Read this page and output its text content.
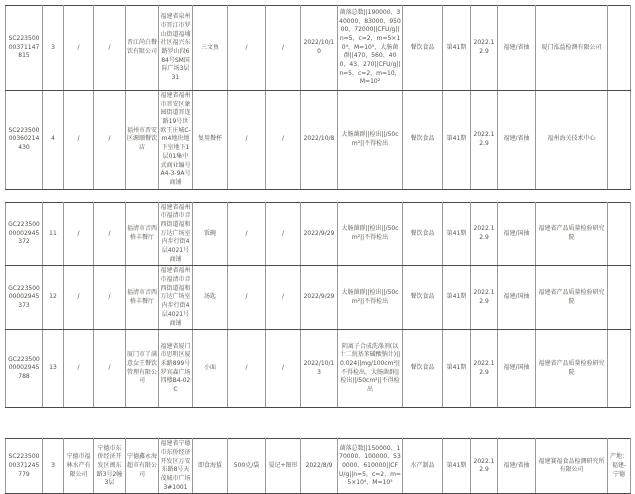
SC22350000371147815	3	/	/	晋江尚白餐饮有限公司	福建省泉州市晋江市罗山街道福埔社区福兴东路罗山段684号SM国际广场3层31	三文鱼	/	/	2022/10/10	菌落总数||190000、340000、83000、95000、72000||CFU/g||n=5，c=2，m=5×10⁴，M=10⁵，大肠菌群||470、560、400、43、270||CFU/g||n=5，c=2，m=10，M=10²	餐饮食品	第41期	2022.12.9	福建/省抽	厦门泓益检测有限公司	
SC22350000360214430	4	/	/	福州市晋安区源顺餐饮店	福建省福州市晋安区象园街道晋连路19号世欧王庄城C-m4地块地下室地下1层01集中式商业编号A4-3-9A号商铺	复用餐杯	/	/	2022/10/8	大肠菌群||检出||/50cm²||不得检出	餐饮食品	第41期	2022.12.9	福建/省抽	福州海关技术中心	
GC22350000002945372	11	/	/	福清市音西格丰餐厅	福建省福州市福清市音西街道福和万达广场室内步行街4层4021号商铺	饭碗	/	/	2022/9/29	大肠菌群||检出||/50cm²||不得检出	餐饮食品	第41期	2022.12.9	福建/国抽	福建省产品质量检验研究院	
GC22350000002945373	12	/	/	福清市音西格丰餐厅	福建省福州市福清市音西街道福和万达广场室内步行街4层4021号商铺	汤匙	/	/	2022/9/29	大肠菌群||检出||/50cm²||不得检出	餐饮食品	第41期	2022.12.9	福建/国抽	福建省产品质量检验研究院	
GC22350000002945788	13	/	/	厦门市丫满意女王餐饮管理有限公司	福建省厦门市思明区厦禾路899号罗宾森广场四楼B4-02C	小面	/	/	2022/10/13	阴离子合成洗涤剂(以十二烷基苯磺酸钠计)||0.024||mg/100cm²||不得检出，大肠菌群||检出||/50cm²||不得检出	餐饮食品	第41期	2022.12.9	福建/国抽	福建省产品质量检验研究院	
SC22350000371245779	3	宁德市福林水产有限公司	宁德市东侨经济开发区闽东路3号2幢3层	宁德鑫永海超市有限公司	福建省宁德市东侨经济开发区万安东路8号天茂城市广场3#1001	即食海蜇	500克/袋	晏记+图形	2022/8/9	菌落总数||150000、170000、100000、530000、610000||CFU/g||n=5，c=2，m=5×10⁴，M=10⁵	水产制品	第41期	2022.12.9	福建/省抽	福建赛福食品检测研究所有限公司	产地：福建-宁德
